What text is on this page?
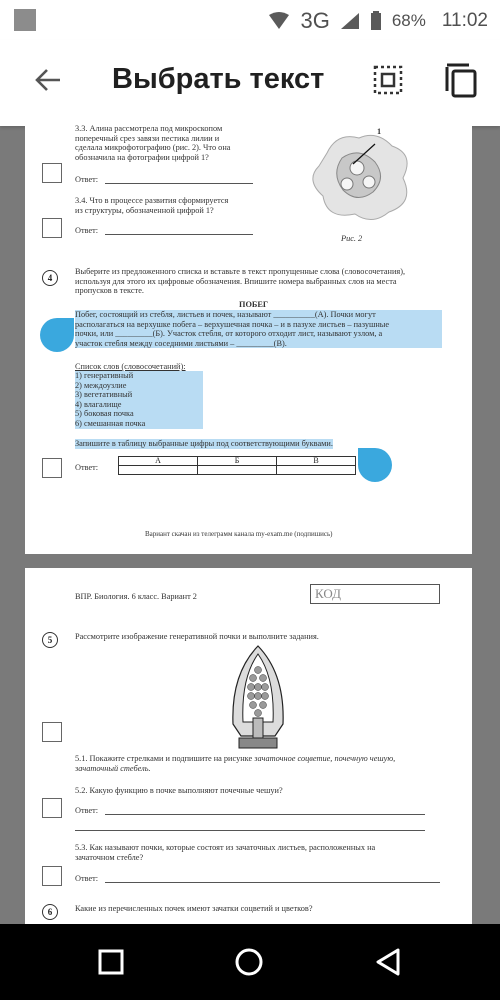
3G	68% 11:02
Выбрать текст
3.3. Алина рассмотрела под микроскопом
поперечный срез завязи пестика лилии и
сделала микрофотографию (рис. 2). Что она
обозначила на фотографии цифрой 1?
Ответ:
3.4. Что в процессе развития сформируется
из структуры, обозначенной цифрой 1?
Ответ:
1
Рис. 2
4
Выберите из предложенного списка и вставьте в текст пропущенные слова (словосочетания),
используя для этого их цифровые обозначения. Впишите номера выбранных слов на места
пропусков в тексте.
ПОБЕГ
Побег, состоящий из стебля, листьев и почек, называют __________(А). Почки могут
располагаться на верхушке побега – верхушечная почка – и в пазухе листьев – пазушные
почки, или _________(Б). Участок стебля, от которого отходит лист, называют узлом, а
участок стебля между соседними листьями – _________(В).
Список слов (словосочетаний):
1) генеративный
2) междоузлие
3) вегетативный
4) влагалище
5) боковая почка
6) смешанная почка
Запишите в таблицу выбранные цифры под соответствующими буквами.
Ответ:
А	Б	В

Вариант скачан из телеграмм канала my-exam.me (подпишись)
ВПР. Биология. 6 класс. Вариант 2	КОД
5	Рассмотрите изображение генеративной почки и выполните задания.
5.1. Покажите стрелками и подпишите на рисунке зачаточное соцветие, почечную чешую,
зачаточный стебель.
5.2. Какую функцию в почке выполняют почечные чешуи?
Ответ:
5.3. Как называют почки, которые состоят из зачаточных листьев, расположенных на
зачаточном стебле?
Ответ:
6	Какие из перечисленных почек имеют зачатки соцветий и цветков?
